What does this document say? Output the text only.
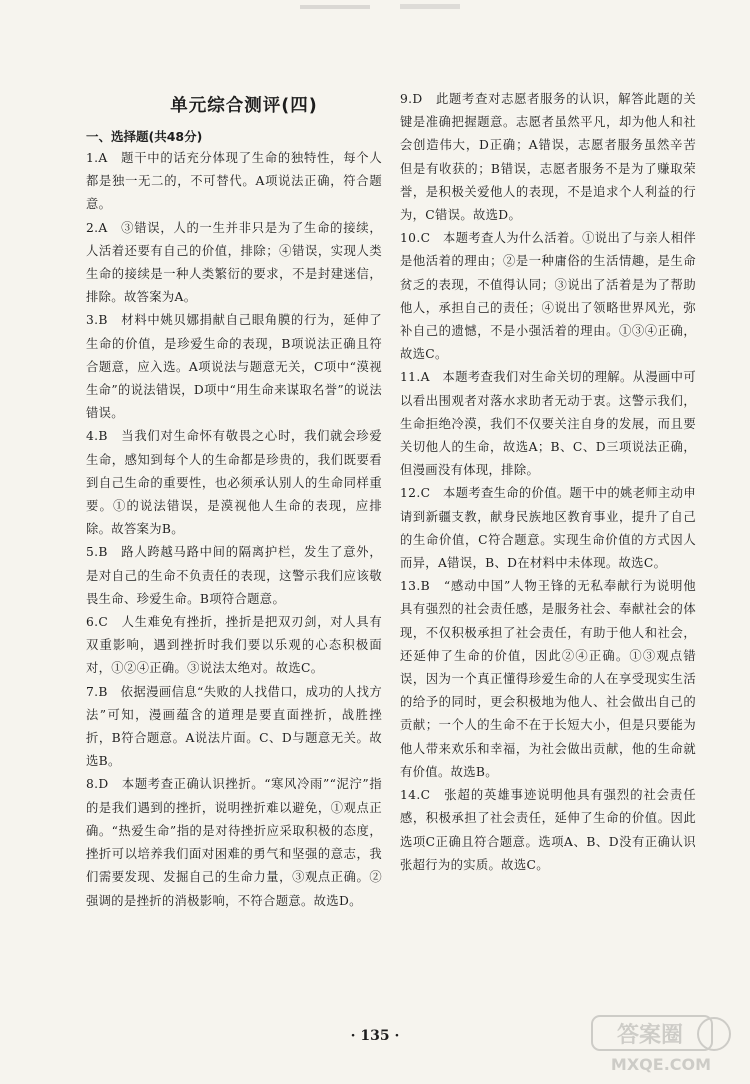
单元综合测评(四)
一、选择题(共48分)

1.A　题干中的话充分体现了生命的独特性，每个人都是独一无二的，不可替代。A项说法正确，符合题意。

2.A　③错误，人的一生并非只是为了生命的接续，人活着还要有自己的价值，排除；④错误，实现人类生命的接续是一种人类繁衍的要求，不是封建迷信，排除。故答案为A。

3.B　材料中姚贝娜捐献自己眼角膜的行为，延伸了生命的价值，是珍爱生命的表现，B项说法正确且符合题意，应入选。A项说法与题意无关，C项中“漠视生命”的说法错误，D项中“用生命来谋取名誉”的说法错误。

4.B　当我们对生命怀有敬畏之心时，我们就会珍爱生命，感知到每个人的生命都是珍贵的，我们既要看到自己生命的重要性，也必须承认别人的生命同样重要。①的说法错误，是漠视他人生命的表现，应排除。故答案为B。

5.B　路人跨越马路中间的隔离护栏，发生了意外，是对自己的生命不负责任的表现，这警示我们应该敬畏生命、珍爱生命。B项符合题意。

6.C　人生难免有挫折，挫折是把双刃剑，对人具有双重影响，遇到挫折时我们要以乐观的心态积极面对，①②④正确。③说法太绝对。故选C。

7.B　依据漫画信息“失败的人找借口，成功的人找方法”可知，漫画蕴含的道理是要直面挫折，战胜挫折，B符合题意。A说法片面。C、D与题意无关。故选B。

8.D　本题考查正确认识挫折。“寒风冷雨”“泥泞”指的是我们遇到的挫折，说明挫折难以避免，①观点正确。“热爱生命”指的是对待挫折应采取积极的态度，挫折可以培养我们面对困难的勇气和坚强的意志，我们需要发现、发掘自己的生命力量，③观点正确。②强调的是挫折的消极影响，不符合题意。故选D。

9.D　此题考查对志愿者服务的认识，解答此题的关键是准确把握题意。志愿者虽然平凡，却为他人和社会创造伟大，D正确；A错误，志愿者服务虽然辛苦但是有收获的；B错误，志愿者服务不是为了赚取荣誉，是积极关爱他人的表现，不是追求个人利益的行为，C错误。故选D。

10.C　本题考查人为什么活着。①说出了与亲人相伴是他活着的理由；②是一种庸俗的生活情趣，是生命贫乏的表现，不值得认同；③说出了活着是为了帮助他人，承担自己的责任；④说出了领略世界风光，弥补自己的遗憾，不是小强活着的理由。①③④正确，故选C。

11.A　本题考查我们对生命关切的理解。从漫画中可以看出围观者对落水求助者无动于衷。这警示我们，生命拒绝冷漠，我们不仅要关注自身的发展，而且要关切他人的生命，故选A；B、C、D三项说法正确，但漫画没有体现，排除。

12.C　本题考查生命的价值。题干中的姚老师主动申请到新疆支教，献身民族地区教育事业，提升了自己的生命价值，C符合题意。实现生命价值的方式因人而异，A错误，B、D在材料中未体现。故选C。

13.B　“感动中国”人物王锋的无私奉献行为说明他具有强烈的社会责任感，是服务社会、奉献社会的体现，不仅积极承担了社会责任，有助于他人和社会，还延伸了生命的价值，因此②④正确。①③观点错误，因为一个真正懂得珍爱生命的人在享受现实生活的给予的同时，更会积极地为他人、社会做出自己的贡献；一个人的生命不在于长短大小，但是只要能为他人带来欢乐和幸福，为社会做出贡献，他的生命就有价值。故选B。

14.C　张超的英雄事迹说明他具有强烈的社会责任感，积极承担了社会责任，延伸了生命的价值。因此选项C正确且符合题意。选项A、B、D没有正确认识张超行为的实质。故选C。

· 135 ·	答案圈
MXQE.COM
